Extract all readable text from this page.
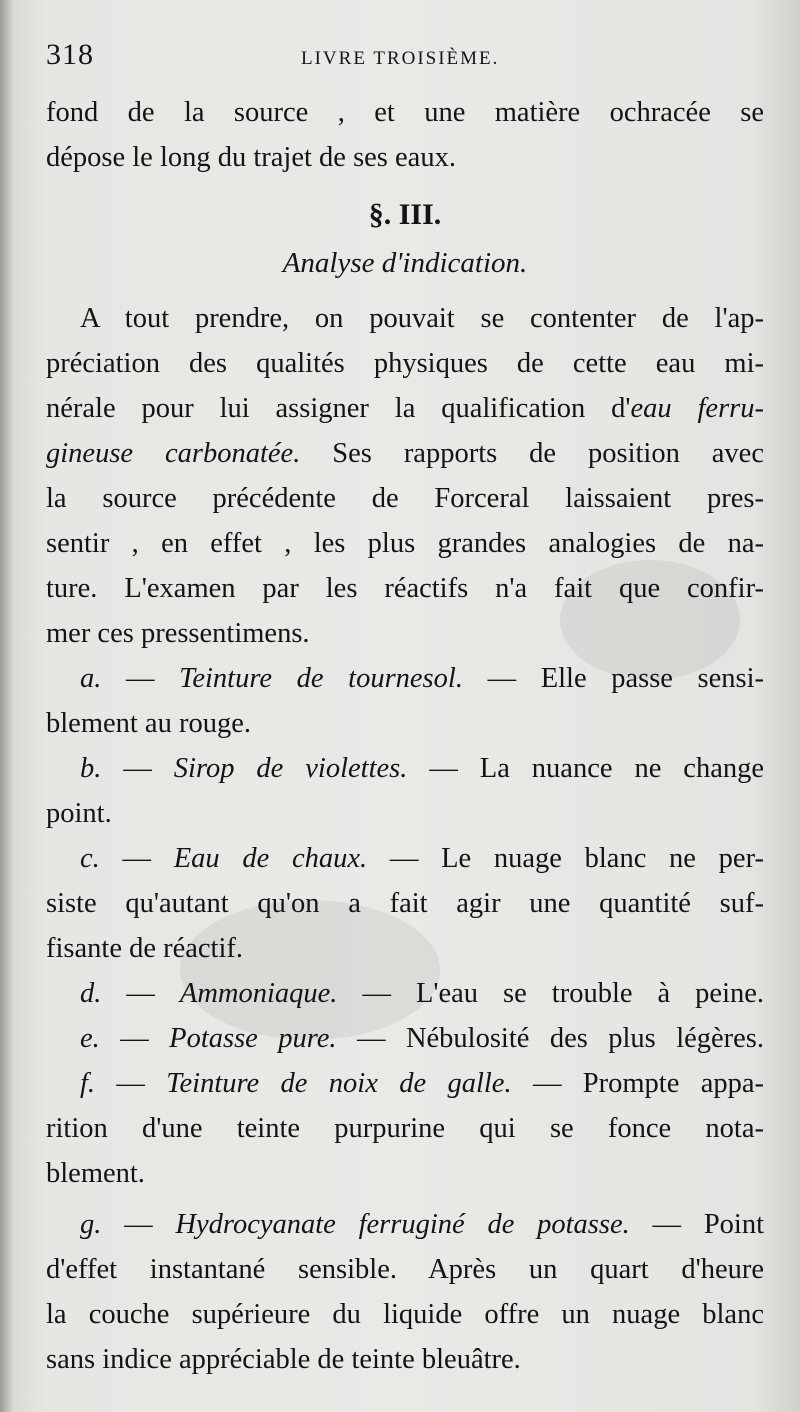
318	LIVRE TROISIÈME.
fond de la source , et une matière ochracée se
dépose le long du trajet de ses eaux.
§. III.
Analyse d'indication.
A tout prendre, on pouvait se contenter de l'ap-
préciation des qualités physiques de cette eau mi-
nérale pour lui assigner la qualification d'eau ferru-
gineuse carbonatée. Ses rapports de position avec
la source précédente de Forceral laissaient pres-
sentir , en effet , les plus grandes analogies de na-
ture. L'examen par les réactifs n'a fait que confir-
mer ces pressentimens.
a. — Teinture de tournesol. — Elle passe sensi-
blement au rouge.
b. — Sirop de violettes. — La nuance ne change
point.
c. — Eau de chaux. — Le nuage blanc ne per-
siste qu'autant qu'on a fait agir une quantité suf-
fisante de réactif.
d. — Ammoniaque. — L'eau se trouble à peine.
e. — Potasse pure. — Nébulosité des plus légères.
f. — Teinture de noix de galle. — Prompte appa-
rition d'une teinte purpurine qui se fonce nota-
blement.
g. — Hydrocyanate ferruginé de potasse. — Point
d'effet instantané sensible. Après un quart d'heure
la couche supérieure du liquide offre un nuage blanc
sans indice appréciable de teinte bleuâtre.
